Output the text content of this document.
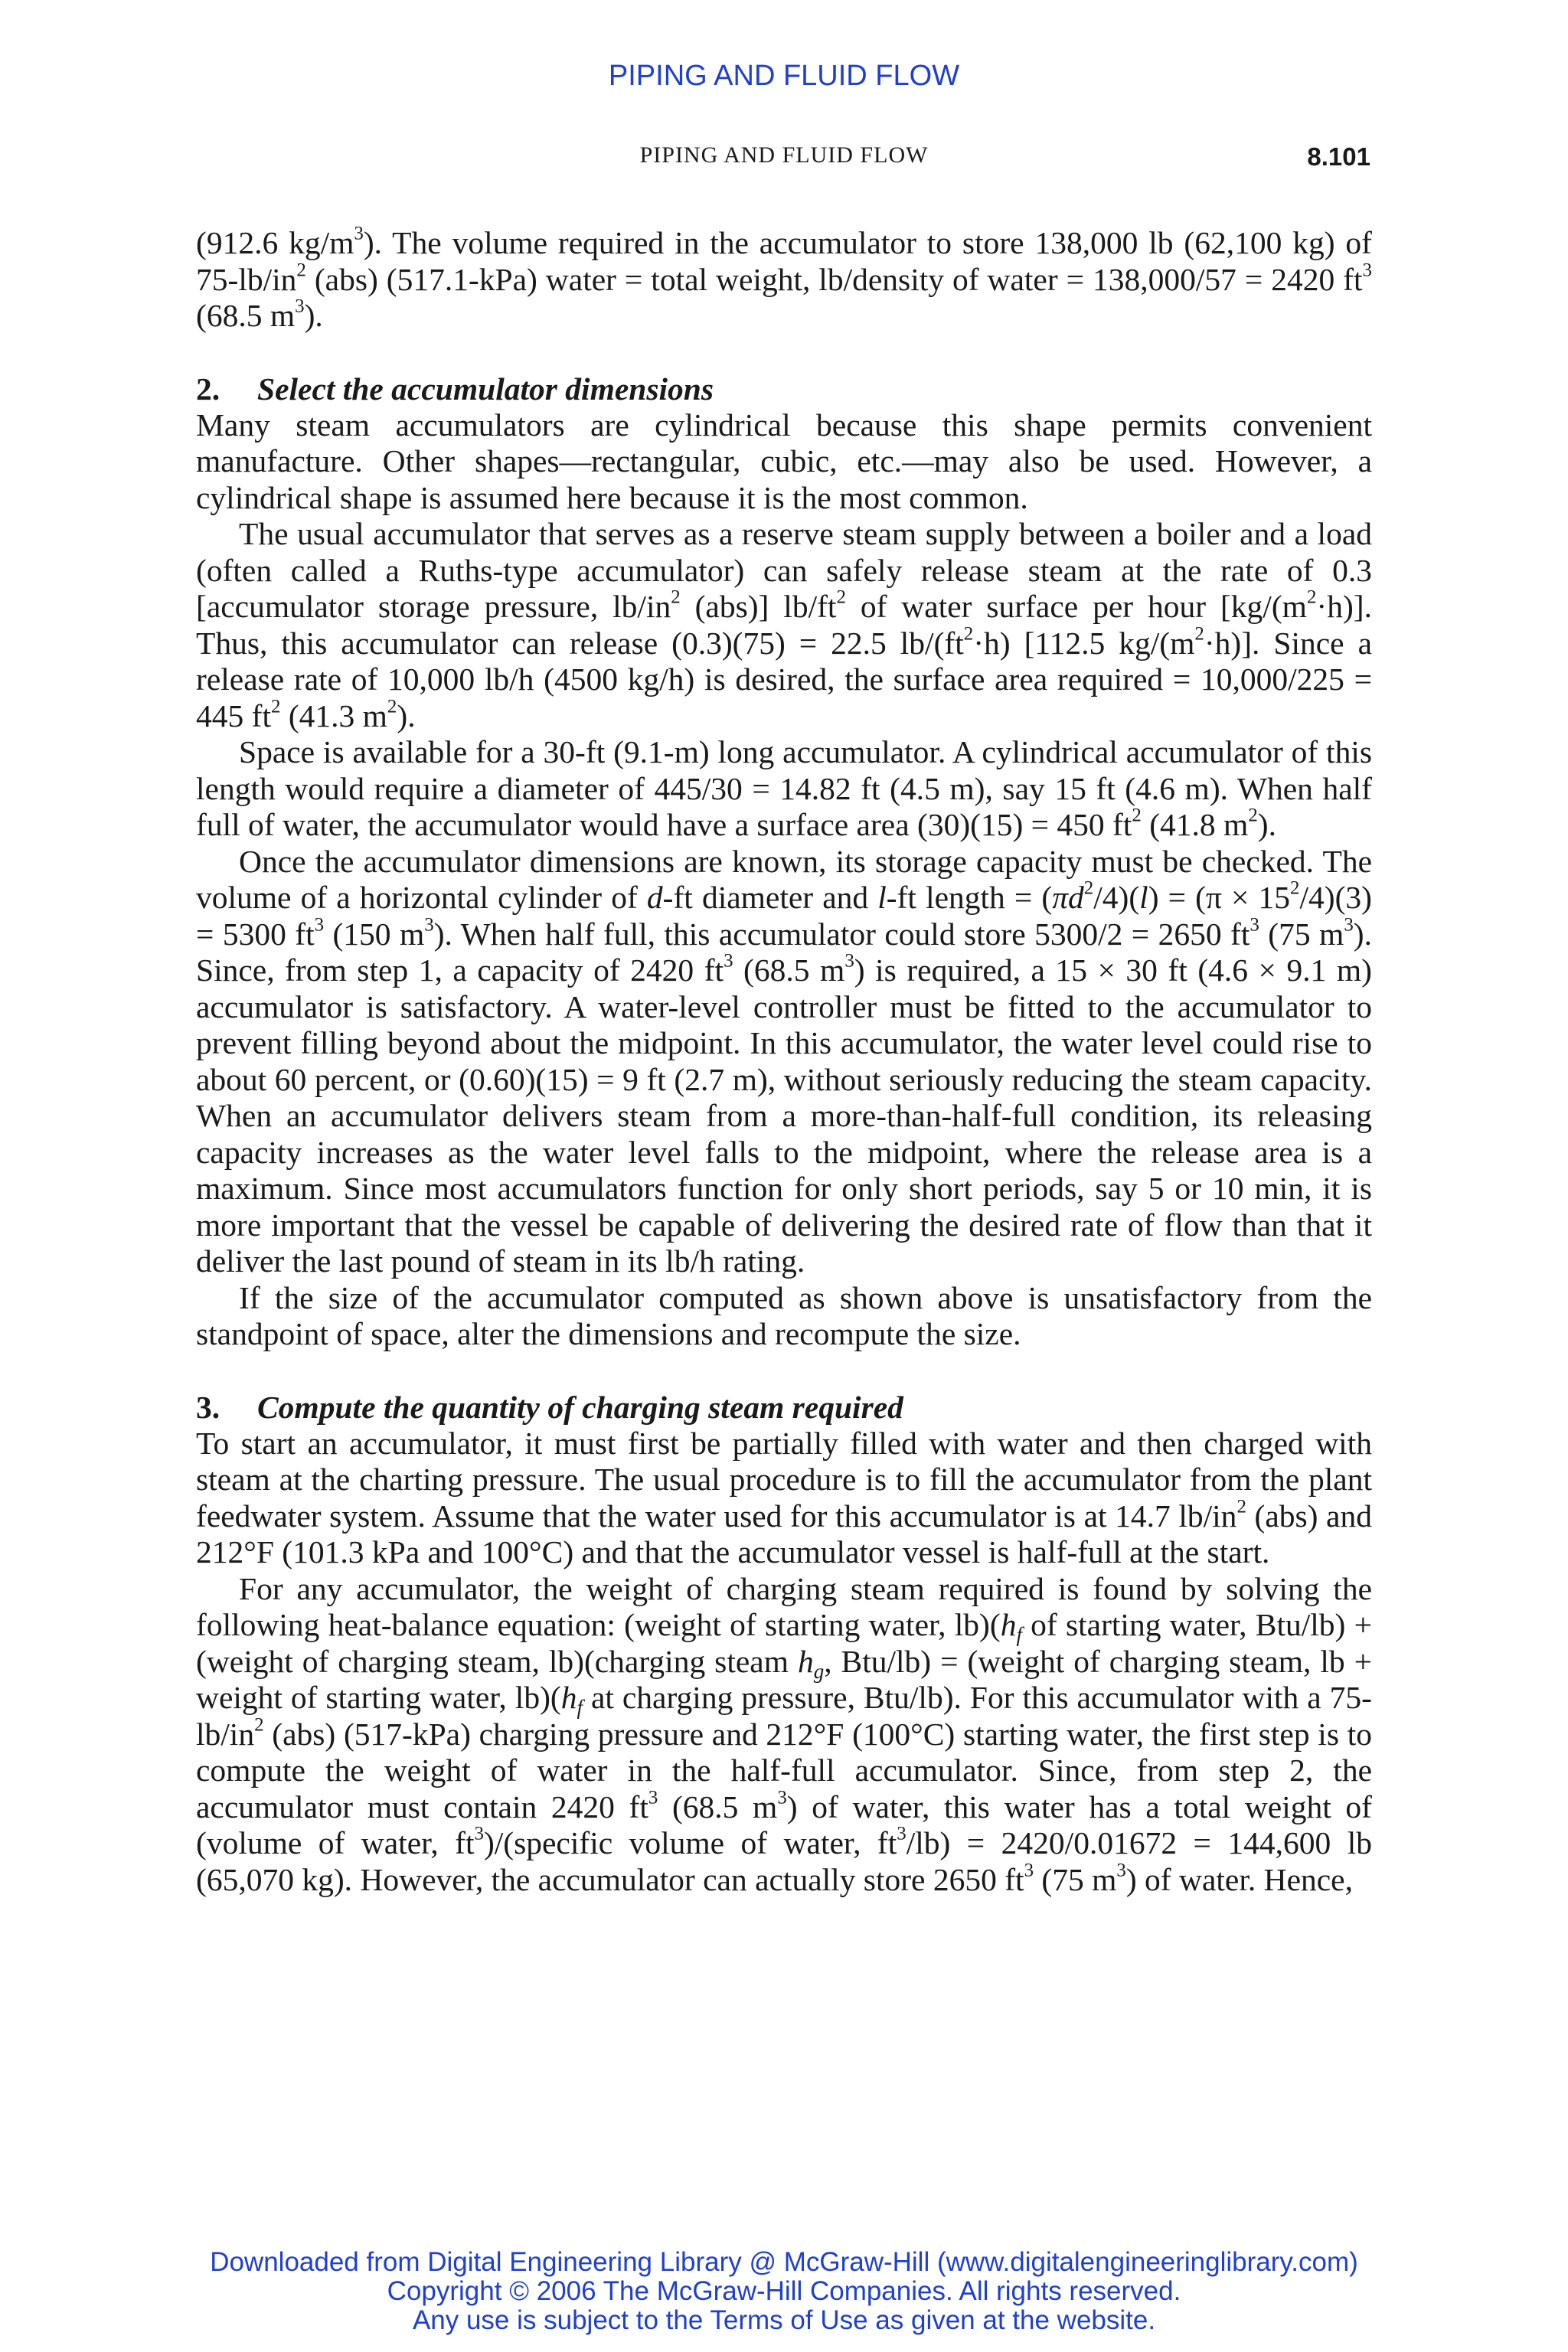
PIPING AND FLUID FLOW
PIPING AND FLUID FLOW	8.101

(912.6 $kg/m^3$). The volume required in the accumulator to store 138,000 lb (62,100 kg) of $75-lb/in^2$ (abs) (517.1-kPa) water = total weight, lb/density of water = 138,000/57 = 2420 $ft^3$ (68.5 $m^3$).

2. Select the accumulator dimensions

Many steam accumulators are cylindrical because this shape permits convenient manufacture. Other shapes—rectangular, cubic, etc.—may also be used. However, a cylindrical shape is assumed here because it is the most common.

The usual accumulator that serves as a reserve steam supply between a boiler and a load (often called a Ruths-type accumulator) can safely release steam at the rate of 0.3 [accumulator storage pressure, $lb/in^2$ (abs)] $lb/ft^2$ of water surface per hour $[kg/(m^2\cdot h)]$. Thus, this accumulator can release (0.3)(75) = 22.5 $lb/(ft^2\cdot h)$ [112.5 $kg/(m^2\cdot h)$]. Since a release rate of 10,000 lb/h (4500 kg/h) is desired, the surface area required = 10,000/225 = 445 $ft^2$ (41.3 $m^2$).

Space is available for a 30-ft (9.1-m) long accumulator. A cylindrical accumulator of this length would require a diameter of 445/30 = 14.82 ft (4.5 m), say 15 ft (4.6 m). When half full of water, the accumulator would have a surface area (30)(15) = 450 $ft^2$ (41.8 $m^2$).

Once the accumulator dimensions are known, its storage capacity must be checked. The volume of a horizontal cylinder of d-ft diameter and l-ft length = $(\pi d^2/4)(l) = (\pi \times 15^2/4)(3) = 5300$ $ft^3$ (150 $m^3$). When half full, this accumulator could store 5300/2 = 2650 $ft^3$ (75 $m^3$). Since, from step 1, a capacity of 2420 $ft^3$ (68.5 $m^3$) is required, a 15 × 30 ft (4.6 × 9.1 m) accumulator is satisfactory. A water-level controller must be fitted to the accumulator to prevent filling beyond about the midpoint. In this accumulator, the water level could rise to about 60 percent, or (0.60)(15) = 9 ft (2.7 m), without seriously reducing the steam capacity. When an accumulator delivers steam from a more-than-half-full condition, its releasing capacity increases as the water level falls to the midpoint, where the release area is a maximum. Since most accumulators function for only short periods, say 5 or 10 min, it is more important that the vessel be capable of delivering the desired rate of flow than that it deliver the last pound of steam in its lb/h rating.

If the size of the accumulator computed as shown above is unsatisfactory from the standpoint of space, alter the dimensions and recompute the size.

3. Compute the quantity of charging steam required

To start an accumulator, it must first be partially filled with water and then charged with steam at the charting pressure. The usual procedure is to fill the accumulator from the plant feedwater system. Assume that the water used for this accumulator is at 14.7 $lb/in^2$ (abs) and 212°F (101.3 kPa and 100°C) and that the accumulator vessel is half-full at the start.

For any accumulator, the weight of charging steam required is found by solving the following heat-balance equation: (weight of starting water, $lb)(h_f$ of starting water, Btu/lb) + (weight of charging steam, lb)(charging steam $h_g$, Btu/lb) = (weight of charging steam, lb + weight of starting water, $lb)(h_f$ at charging pressure, Btu/lb). For this accumulator with a $75-lb/in^2$ (abs) (517-kPa) charging pressure and 212°F (100°C) starting water, the first step is to compute the weight of water in the half-full accumulator. Since, from step 2, the accumulator must contain 2420 $ft^3$ (68.5 $m^3$) of water, this water has a total weight of (volume of water, $ft^3)/(specific$ volume of water, $ft^3/lb) = 2420/0.01672 = 144,600$ lb (65,070 kg). However, the accumulator can actually store 2650 $ft^3$ (75 $m^3$) of water. Hence,

Downloaded from Digital Engineering Library @ McGraw-Hill (www.digitalengineeringlibrary.com)
Copyright © 2006 The McGraw-Hill Companies. All rights reserved.
Any use is subject to the Terms of Use as given at the website.
